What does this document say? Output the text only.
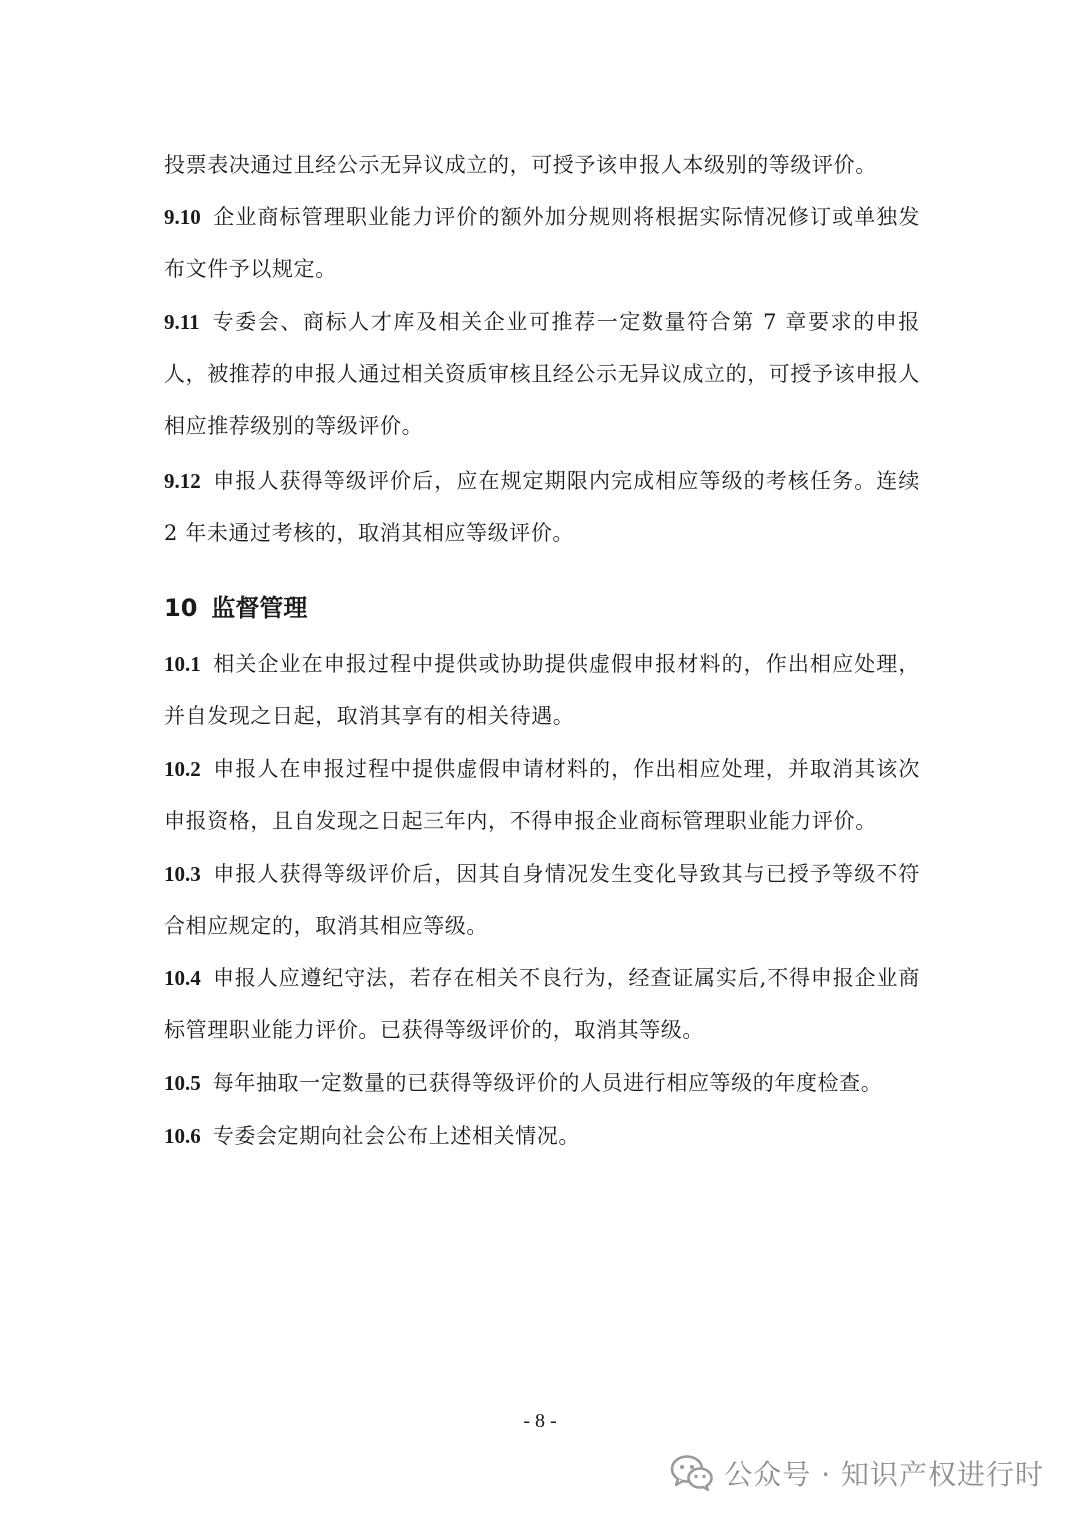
投票表决通过且经公示无异议成立的，可授予该申报人本级别的等级评价。

9.10 企业商标管理职业能力评价的额外加分规则将根据实际情况修订或单独发布文件予以规定。

9.11 专委会、商标人才库及相关企业可推荐一定数量符合第 7 章要求的申报人，被推荐的申报人通过相关资质审核且经公示无异议成立的，可授予该申报人相应推荐级别的等级评价。

9.12 申报人获得等级评价后，应在规定期限内完成相应等级的考核任务。连续 2 年未通过考核的，取消其相应等级评价。

10 监督管理

10.1 相关企业在申报过程中提供或协助提供虚假申报材料的，作出相应处理，并自发现之日起，取消其享有的相关待遇。

10.2 申报人在申报过程中提供虚假申请材料的，作出相应处理，并取消其该次申报资格，且自发现之日起三年内，不得申报企业商标管理职业能力评价。

10.3 申报人获得等级评价后，因其自身情况发生变化导致其与已授予等级不符合相应规定的，取消其相应等级。

10.4 申报人应遵纪守法，若存在相关不良行为，经查证属实后,不得申报企业商标管理职业能力评价。已获得等级评价的，取消其等级。

10.5 每年抽取一定数量的已获得等级评价的人员进行相应等级的年度检查。

10.6 专委会定期向社会公布上述相关情况。

- 8 -
公众号 · 知识产权进行时
